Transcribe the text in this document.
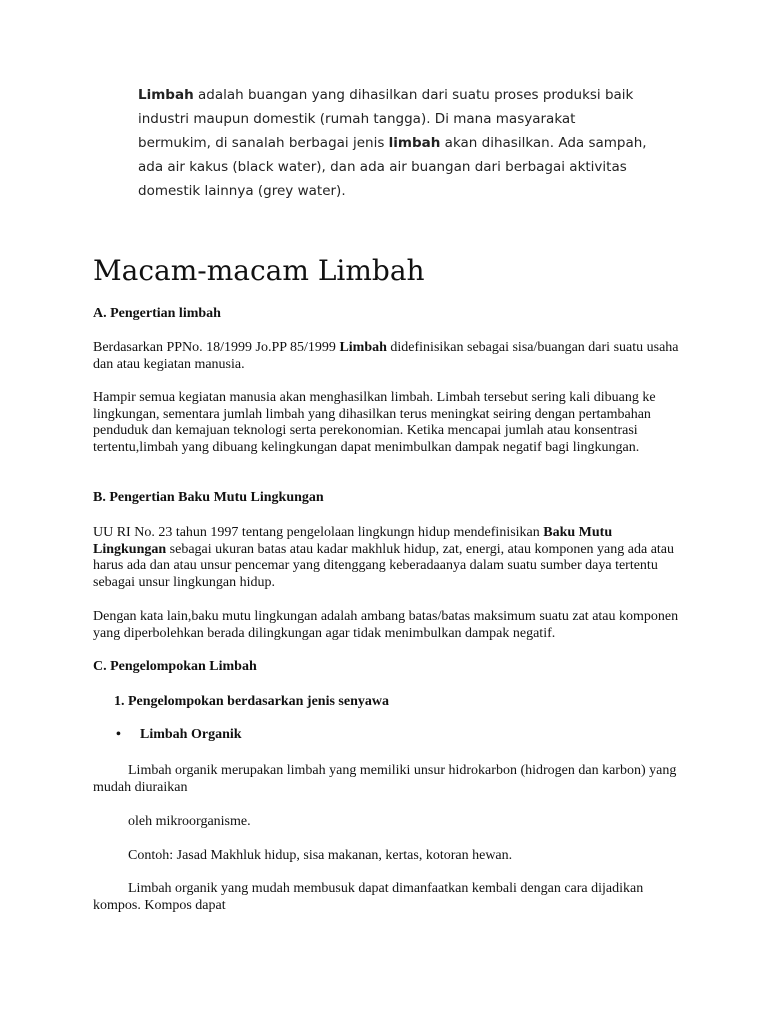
Limbah adalah buangan yang dihasilkan dari suatu proses produksi baik
industri maupun domestik (rumah tangga). Di mana masyarakat
bermukim, di sanalah berbagai jenis limbah akan dihasilkan. Ada sampah,
ada air kakus (black water), dan ada air buangan dari berbagai aktivitas
domestik lainnya (grey water).
Macam-macam Limbah

A. Pengertian limbah

Berdasarkan PPNo. 18/1999 Jo.PP 85/1999 Limbah didefinisikan sebagai sisa/buangan dari suatu usaha dan atau kegiatan manusia.

Hampir semua kegiatan manusia akan menghasilkan limbah. Limbah tersebut sering kali dibuang ke lingkungan, sementara jumlah limbah yang dihasilkan terus meningkat seiring dengan pertambahan penduduk dan kemajuan teknologi serta perekonomian. Ketika mencapai jumlah atau konsentrasi tertentu,limbah yang dibuang kelingkungan dapat menimbulkan dampak negatif bagi lingkungan.

B. Pengertian Baku Mutu Lingkungan

UU RI No. 23 tahun 1997 tentang pengelolaan lingkungn hidup mendefinisikan Baku Mutu Lingkungan sebagai ukuran batas atau kadar makhluk hidup, zat, energi, atau komponen yang ada atau harus ada dan atau unsur pencemar yang ditenggang keberadaanya dalam suatu sumber daya tertentu sebagai unsur lingkungan hidup.

Dengan kata lain,baku mutu lingkungan adalah ambang batas/batas maksimum suatu zat atau komponen yang diperbolehkan berada dilingkungan agar tidak menimbulkan dampak negatif.

C. Pengelompokan Limbah

1. Pengelompokan berdasarkan jenis senyawa

• Limbah Organik

Limbah organik merupakan limbah yang memiliki unsur hidrokarbon (hidrogen dan karbon) yang mudah diuraikan

oleh mikroorganisme.

Contoh: Jasad Makhluk hidup, sisa makanan, kertas, kotoran hewan.

Limbah organik yang mudah membusuk dapat dimanfaatkan kembali dengan cara dijadikan kompos. Kompos dapat
